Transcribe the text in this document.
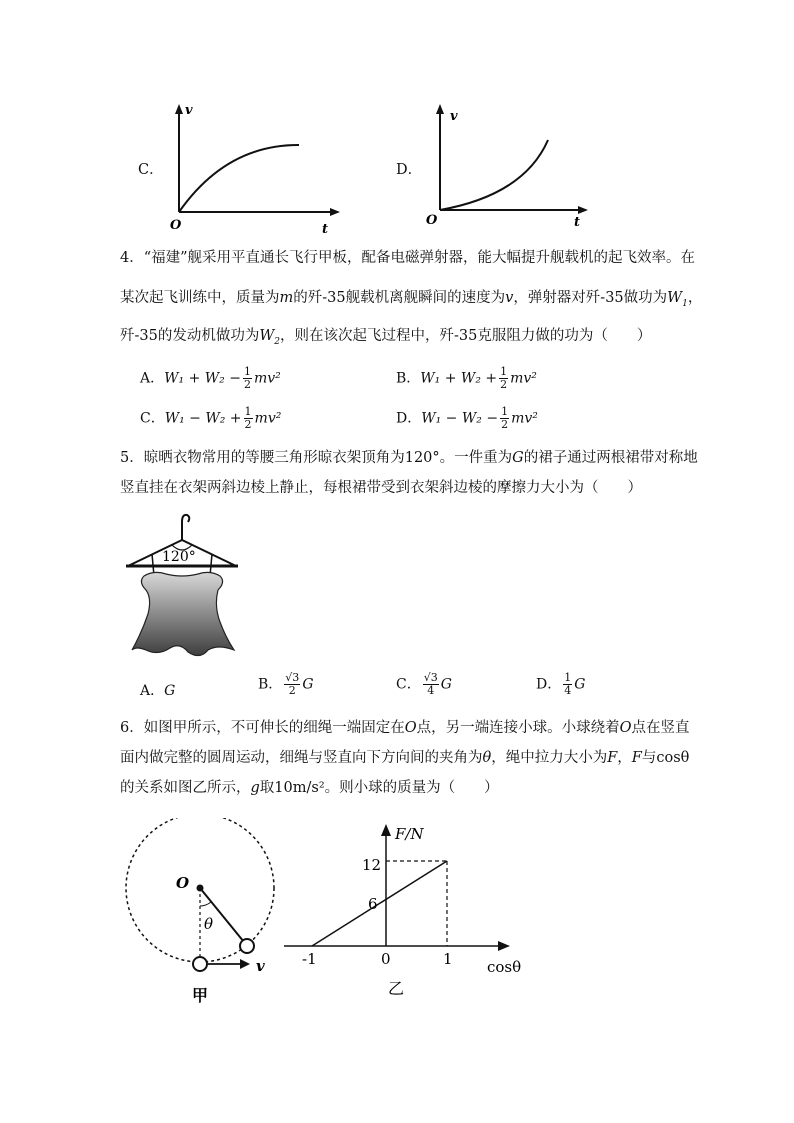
C．
v
O	t
D．
v
O	t
4．“福建”舰采用平直通长飞行甲板，配备电磁弹射器，能大幅提升舰载机的起飞效率。在
某次起飞训练中，质量为m的歼-35舰载机离舰瞬间的速度为v，弹射器对歼-35做功为$W_1$，
歼-35的发动机做功为$W_2$，则在该次起飞过程中，歼-35克服阻力做的功为（　　）
A．$W_1 + W_2 - \frac{1}{2} mv^2$	B．$W_1 + W_2 + \frac{1}{2} mv^2$
C．$W_1 - W_2 + \frac{1}{2} mv^2$	D．$W_1 - W_2 - \frac{1}{2} mv^2$
5．晾晒衣物常用的等腰三角形晾衣架顶角为120°。一件重为G的裙子通过两根裙带对称地
竖直挂在衣架两斜边棱上静止，每根裙带受到衣架斜边棱的摩擦力大小为（　　）
120°
A．G	B． $\frac{√3}{2}$ G	C． $\frac{√3}{4}$ G	D． $\frac{1}{4}$ G
6．如图甲所示，不可伸长的细绳一端固定在O点，另一端连接小球。小球绕着O点在竖直
面内做完整的圆周运动，细绳与竖直向下方向间的夹角为θ，绳中拉力大小为F，F与cosθ
的关系如图乙所示，g取10m/s²。则小球的质量为（　　）
O
θ
v
甲
F/N
12
6
-1	0	1 cosθ
乙
